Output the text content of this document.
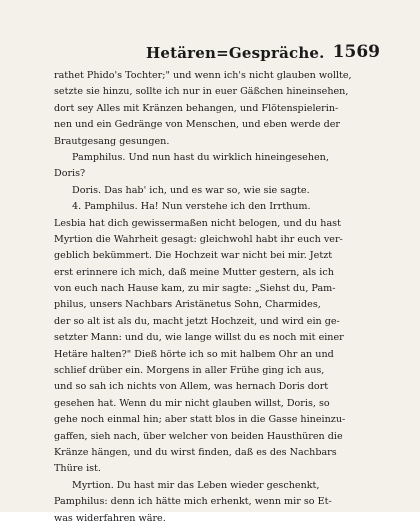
Hetären=Gespräche. 1569
rathet Phido's Tochter;" und wenn ich's nicht glauben wollte,
setzte sie hinzu, sollte ich nur in euer Gäßchen hineinsehen,
dort sey Alles mit Kränzen behangen, und Flötenspielerin-
nen und ein Gedränge von Menschen, und eben werde der
Brautgesang gesungen.
Pamphilus. Und nun hast du wirklich hineingesehen,
Doris?
Doris. Das hab' ich, und es war so, wie sie sagte.
4. Pamphilus. Ha! Nun verstehe ich den Irrthum.
Lesbia hat dich gewissermaßen nicht belogen, und du hast
Myrtion die Wahrheit gesagt: gleichwohl habt ihr euch ver-
geblich bekümmert. Die Hochzeit war nicht bei mir. Jetzt
erst erinnere ich mich, daß meine Mutter gestern, als ich
von euch nach Hause kam, zu mir sagte: „Siehst du, Pam-
philus, unsers Nachbars Aristänetus Sohn, Charmides,
der so alt ist als du, macht jetzt Hochzeit, und wird ein ge-
setzter Mann: und du, wie lange willst du es noch mit einer
Hetäre halten?" Dieß hörte ich so mit halbem Ohr an und
schlief drüber ein. Morgens in aller Frühe ging ich aus,
und so sah ich nichts von Allem, was hernach Doris dort
gesehen hat. Wenn du mir nicht glauben willst, Doris, so
gehe noch einmal hin; aber statt blos in die Gasse hineinzu-
gaffen, sieh nach, über welcher von beiden Hausthüren die
Kränze hängen, und du wirst finden, daß es des Nachbars
Thüre ist.
Myrtion. Du hast mir das Leben wieder geschenkt,
Pamphilus: denn ich hätte mich erhenkt, wenn mir so Et-
was widerfahren wäre.
